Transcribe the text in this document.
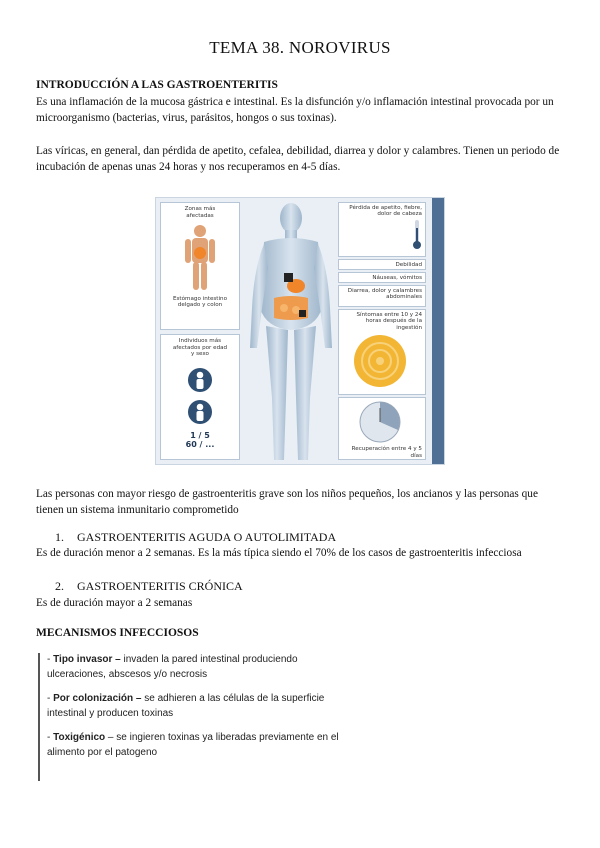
TEMA 38. NOROVIRUS
INTRODUCCIÓN A LAS GASTROENTERITIS
Es una inflamación de la mucosa gástrica e intestinal. Es la disfunción y/o inflamación intestinal provocada por un microorganismo (bacterias, virus, parásitos, hongos o sus toxinas).
Las víricas, en general, dan pérdida de apetito, cefalea, debilidad, diarrea y dolor y calambres. Tienen un periodo de incubación de apenas unas 24 horas y nos recuperamos en 4-5 días.
Zonas más afectadas
Estómago intestino delgado y colon
Individuos más afectados por edad y sexo

1 / 5
60 / ...
Pérdida de apetito, fiebre, dolor de cabeza
Debilidad
Náuseas, vómitos
Diarrea, dolor y calambres abdominales
Síntomas entre 10 y 24 horas después de la ingestión
Recuperación entre 4 y 5 días
Las personas con mayor riesgo de gastroenteritis grave son los niños pequeños, los ancianos y las personas que tienen un sistema inmunitario comprometido
1. GASTROENTERITIS AGUDA O AUTOLIMITADA
Es de duración menor a 2 semanas. Es la más típica siendo el 70% de los casos de gastroenteritis infecciosa
2. GASTROENTERITIS CRÓNICA
Es de duración mayor a 2 semanas
MECANISMOS INFECCIOSOS

- Tipo invasor – invaden la pared intestinal produciendo ulceraciones, abscesos y/o necrosis

- Por colonización – se adhieren a las células de la superficie intestinal y producen toxinas

- Toxigénico – se ingieren toxinas ya liberadas previamente en el alimento por el patogeno
